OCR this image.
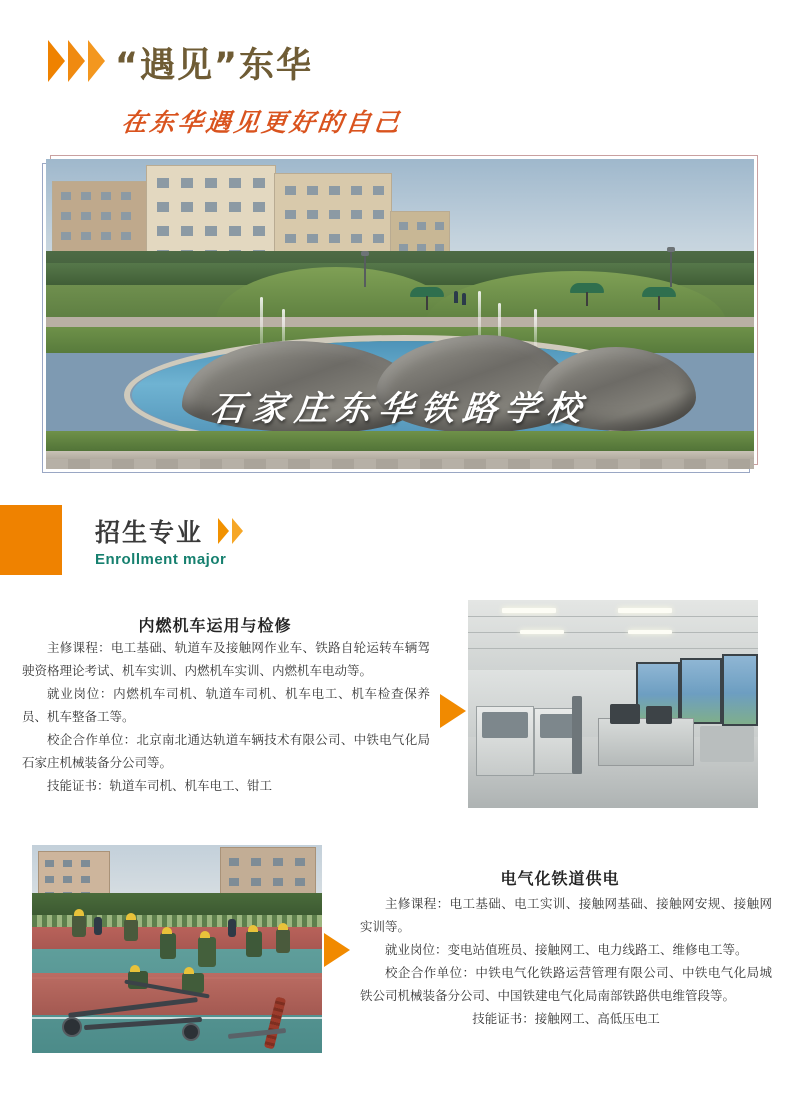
“遇见”东华
在东华遇见更好的自己
石家庄东华铁路学校
招生专业
Enrollment major
内燃机车运用与检修

主修课程：电工基础、轨道车及接触网作业车、铁路自轮运转车辆驾驶资格理论考试、机车实训、内燃机车实训、内燃机车电动等。

就业岗位：内燃机车司机、轨道车司机、机车电工、机车检查保养员、机车整备工等。

校企合作单位：北京南北通达轨道车辆技术有限公司、中铁电气化局石家庄机械装备分公司等。

技能证书：轨道车司机、机车电工、钳工

电气化铁道供电

主修课程：电工基础、电工实训、接触网基础、接触网安规、接触网实训等。

就业岗位：变电站值班员、接触网工、电力线路工、维修电工等。

校企合作单位：中铁电气化铁路运营管理有限公司、中铁电气化局城铁公司机械装备分公司、中国铁建电气化局南部铁路供电维管段等。

技能证书：接触网工、高低压电工
